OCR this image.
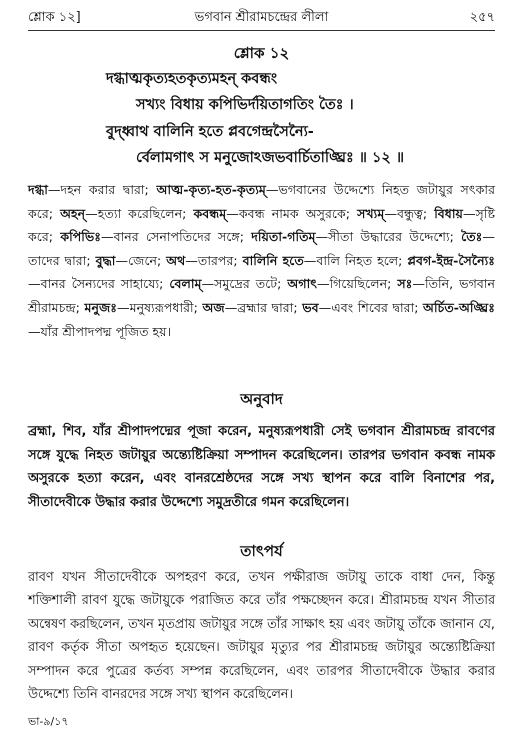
শ্লোক ১২]	ভগবান শ্রীরামচন্দ্রের লীলা	২৫৭
শ্লোক ১২
দগ্ধাত্মকৃত্যহতকৃত্যমহন্ কবন্ধং
সখ্যং বিধায় কপিভির্দয়িতাগতিং তৈঃ ।
বুদ্ধ্বাথ বালিনি হতে প্লবগেন্দ্রসৈন্যৈ-
র্বেলামগাৎ স মনুজোঽজভবার্চিতাঙ্ঘ্রিঃ ॥ ১২ ॥

দগ্ধা—দহন করার দ্বারা; আত্ম-কৃত্য-হত-কৃত্যম্—ভগবানের উদ্দেশ্যে নিহত জটায়ুর সৎকার করে; অহন্—হত্যা করেছিলেন; কবন্ধম্—কবন্ধ নামক অসুরকে; সখ্যম্—বন্ধুত্ব; বিধায়—সৃষ্টি করে; কপিভিঃ—বানর সেনাপতিদের সঙ্গে; দয়িতা-গতিম্—সীতা উদ্ধারের উদ্দেশ্যে; তৈঃ—তাদের দ্বারা; বুদ্ধা—জেনে; অথ—তারপর; বালিনি হতে—বালি নিহত হলে; প্লবগ-ইন্দ্র-সৈন্যৈঃ—বানর সৈন্যদের সাহায্যে; বেলাম্—সমুদ্রের তটে; অগাৎ—গিয়েছিলেন; সঃ—তিনি, ভগবান শ্রীরামচন্দ্র; মনুজঃ—মনুষ্যরূপধারী; অজ—ব্রহ্মার দ্বারা; ভব—এবং শিবের দ্বারা; অর্চিত-অঙ্ঘ্রিঃ—যাঁর শ্রীপাদপদ্ম পূজিত হয়।

অনুবাদ

ব্রহ্মা, শিব, যাঁর শ্রীপাদপদ্মের পূজা করেন, মনুষ্যরূপধারী সেই ভগবান শ্রীরামচন্দ্র রাবণের সঙ্গে যুদ্ধে নিহত জটায়ুর অন্ত্যেষ্টিক্রিয়া সম্পাদন করেছিলেন। তারপর ভগবান কবন্ধ নামক অসুরকে হত্যা করেন, এবং বানরশ্রেষ্ঠদের সঙ্গে সখ্য স্থাপন করে বালি বিনাশের পর, সীতাদেবীকে উদ্ধার করার উদ্দেশ্যে সমুদ্রতীরে গমন করেছিলেন।

তাৎপর্য

রাবণ যখন সীতাদেবীকে অপহরণ করে, তখন পক্ষীরাজ জটায়ু তাকে বাধা দেন, কিন্তু শক্তিশালী রাবণ যুদ্ধে জটায়ুকে পরাজিত করে তাঁর পক্ষচ্ছেদন করে। শ্রীরামচন্দ্র যখন সীতার অন্বেষণ করছিলেন, তখন মৃতপ্রায় জটায়ুর সঙ্গে তাঁর সাক্ষাৎ হয় এবং জটায়ু তাঁকে জানান যে, রাবণ কর্তৃক সীতা অপহৃত হয়েছেন। জটায়ুর মৃত্যুর পর শ্রীরামচন্দ্র জটায়ুর অন্ত্যেষ্টিক্রিয়া সম্পাদন করে পুত্রের কর্তব্য সম্পন্ন করেছিলেন, এবং তারপর সীতাদেবীকে উদ্ধার করার উদ্দেশ্যে তিনি বানরদের সঙ্গে সখ্য স্থাপন করেছিলেন।

ভা-৯/১৭
